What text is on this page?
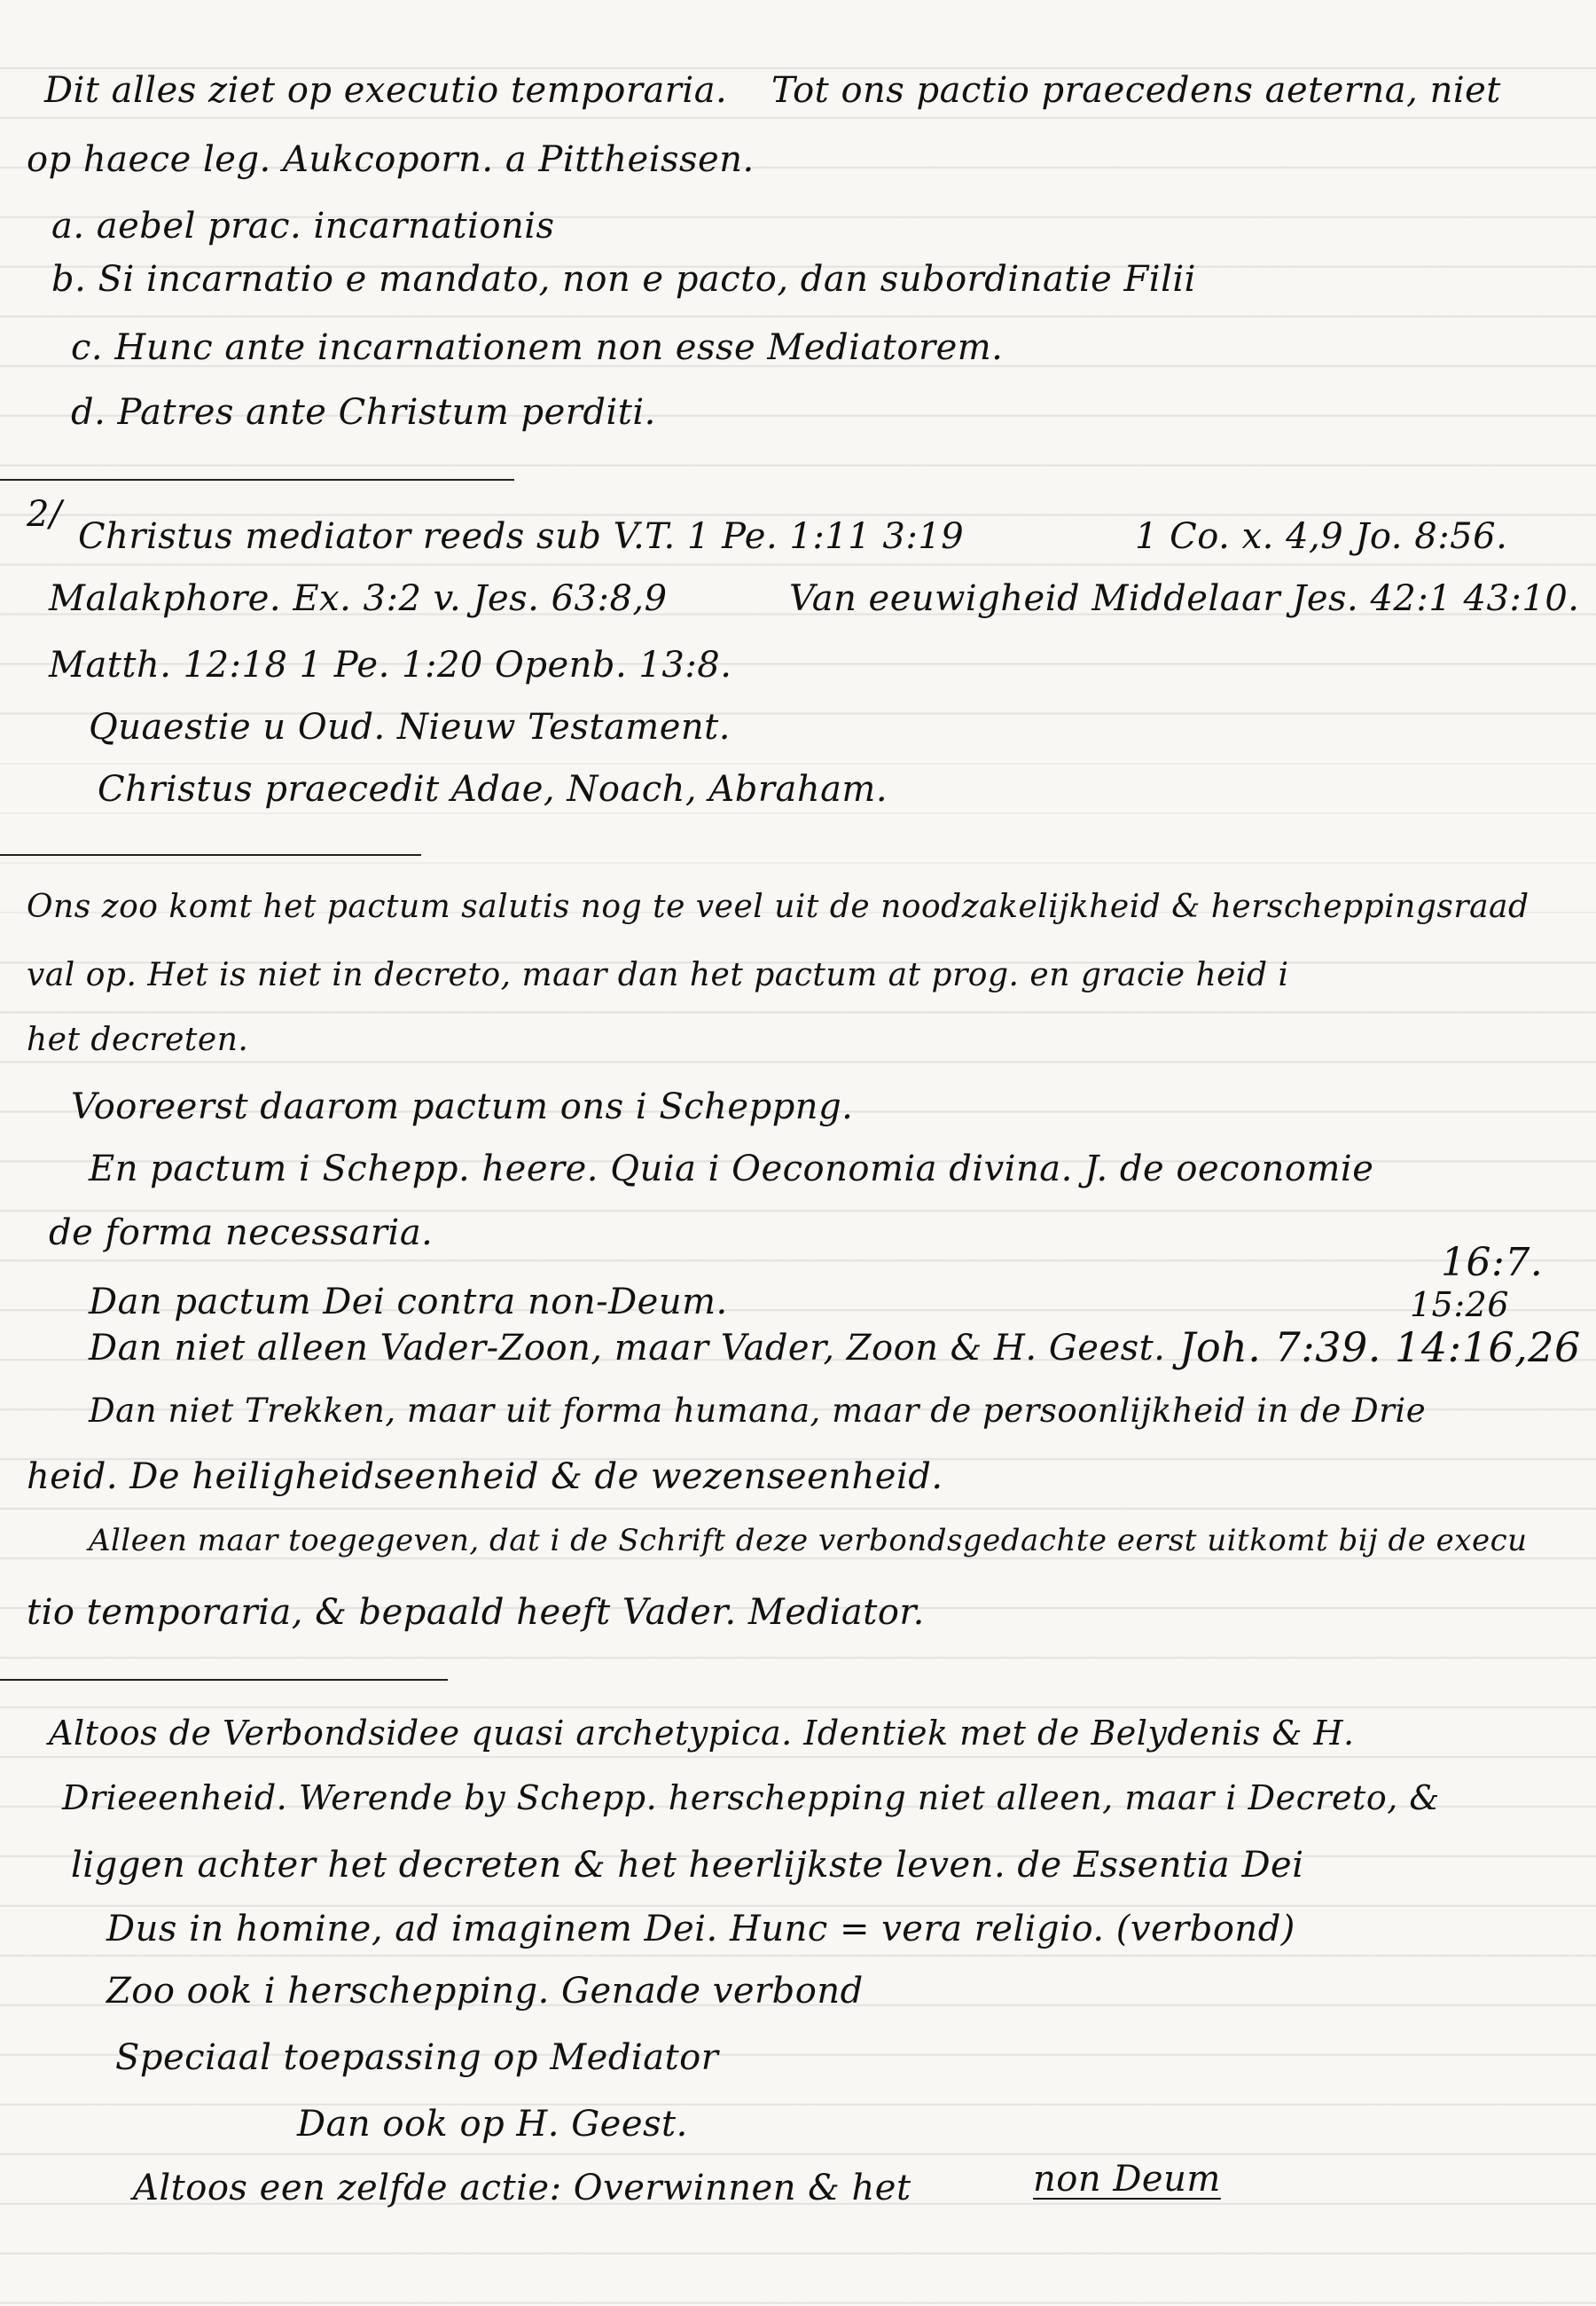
Dit alles ziet op executio temporaria. Tot ons pactio praecedens aeterna, niet
op haece leg. Aukcoporn. a Pittheissen.
a. aebel prac. incarnationis
b. Si incarnatio e mandato, non e pacto, dan subordinatie Filii
c. Hunc ante incarnationem non esse Mediatorem.
d. Patres ante Christum perditi.
2/
Christus mediator reeds sub V.T. 1 Pe. 1:11 3:19	1 Co. x. 4,9 Jo. 8:56.
Malakphore. Ex. 3:2 v. Jes. 63:8,9	Van eeuwigheid Middelaar Jes. 42:1 43:10.
Matth. 12:18 1 Pe. 1:20 Openb. 13:8.
Quaestie u Oud. Nieuw Testament.
Christus praecedit Adae, Noach, Abraham.
Ons zoo komt het pactum salutis nog te veel uit de noodzakelijkheid & herscheppingsraad
val op. Het is niet in decreto, maar dan het pactum at prog. en gracie heid i
het decreten.
Vooreerst daarom pactum ons i Scheppng.
En pactum i Schepp. heere. Quia i Oeconomia divina. J. de oeconomie
de forma necessaria.
16:7.
Dan pactum Dei contra non-Deum.	15:26
Dan niet alleen Vader-Zoon, maar Vader, Zoon & H. Geest. Joh. 7:39. 14:16,26
Dan niet Trekken, maar uit forma humana, maar de persoonlijkheid in de Drie
heid. De heiligheidseenheid & de wezenseenheid.
Alleen maar toegegeven, dat i de Schrift deze verbondsgedachte eerst uitkomt bij de execu
tio temporaria, & bepaald heeft Vader. Mediator.
Altoos de Verbondsidee quasi archetypica. Identiek met de Belydenis & H.
Drieeenheid. Werende by Schepp. herschepping niet alleen, maar i Decreto, &
liggen achter het decreten & het heerlijkste leven. de Essentia Dei
Dus in homine, ad imaginem Dei. Hunc = vera religio. (verbond)
Zoo ook i herschepping. Genade verbond
Speciaal toepassing op Mediator
Dan ook op H. Geest.
Altoos een zelfde actie: Overwinnen & het	non Deum
